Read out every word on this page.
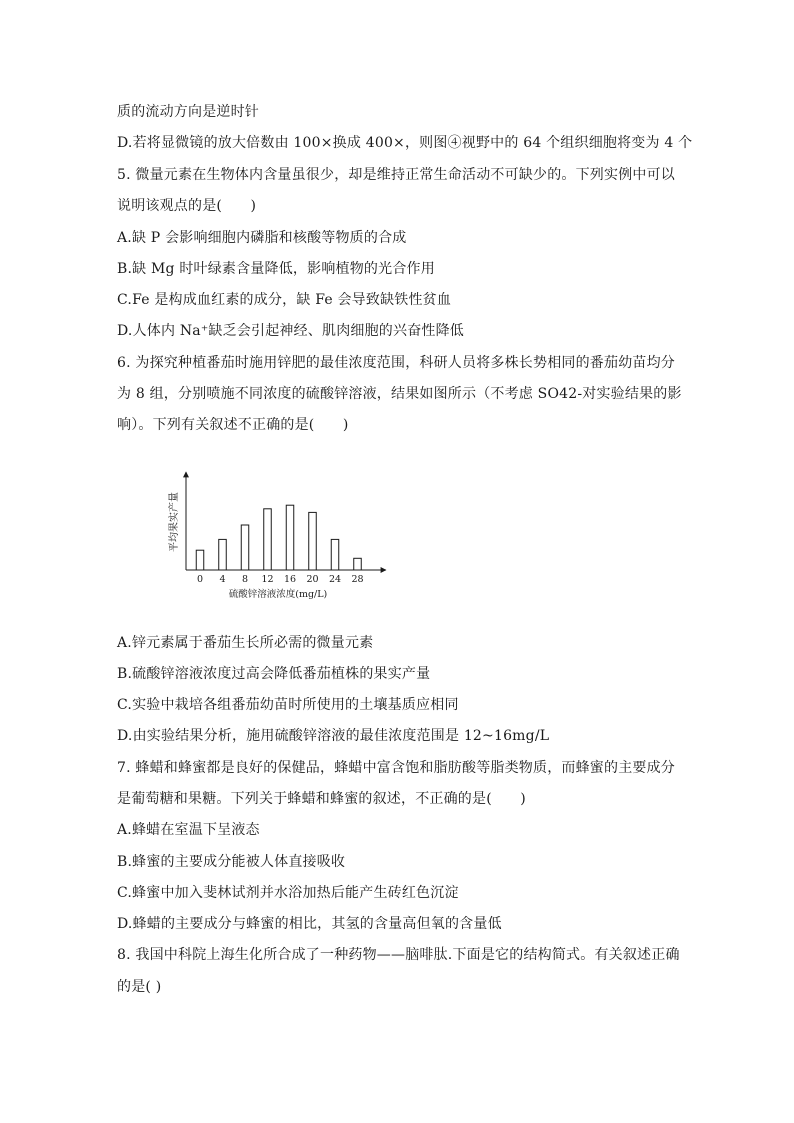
质的流动方向是逆时针
D.若将显微镜的放大倍数由 100×换成 400×，则图④视野中的 64 个组织细胞将变为 4 个
5. 微量元素在生物体内含量虽很少，却是维持正常生命活动不可缺少的。下列实例中可以
说明该观点的是(　　)
A.缺 P 会影响细胞内磷脂和核酸等物质的合成
B.缺 Mg 时叶绿素含量降低，影响植物的光合作用
C.Fe 是构成血红素的成分，缺 Fe 会导致缺铁性贫血
D.人体内 Na⁺缺乏会引起神经、肌肉细胞的兴奋性降低
6. 为探究种植番茄时施用锌肥的最佳浓度范围，科研人员将多株长势相同的番茄幼苗均分
为 8 组，分别喷施不同浓度的硫酸锌溶液，结果如图所示（不考虑 SO42-对实验结果的影
响）。下列有关叙述不正确的是(　　)
A.锌元素属于番茄生长所必需的微量元素
B.硫酸锌溶液浓度过高会降低番茄植株的果实产量
C.实验中栽培各组番茄幼苗时所使用的土壤基质应相同
D.由实验结果分析，施用硫酸锌溶液的最佳浓度范围是 12~16mg/L
7. 蜂蜡和蜂蜜都是良好的保健品，蜂蜡中富含饱和脂肪酸等脂类物质，而蜂蜜的主要成分
是葡萄糖和果糖。下列关于蜂蜡和蜂蜜的叙述，不正确的是(　　)
A.蜂蜡在室温下呈液态
B.蜂蜜的主要成分能被人体直接吸收
C.蜂蜜中加入斐林试剂并水浴加热后能产生砖红色沉淀
D.蜂蜡的主要成分与蜂蜜的相比，其氢的含量高但氧的含量低
8. 我国中科院上海生化所合成了一种药物——脑啡肽.下面是它的结构简式。有关叙述正确
的是( )
0 4 8 12 16 20 24 28
平均果实产量
硫酸锌溶液浓度(mg/L)
